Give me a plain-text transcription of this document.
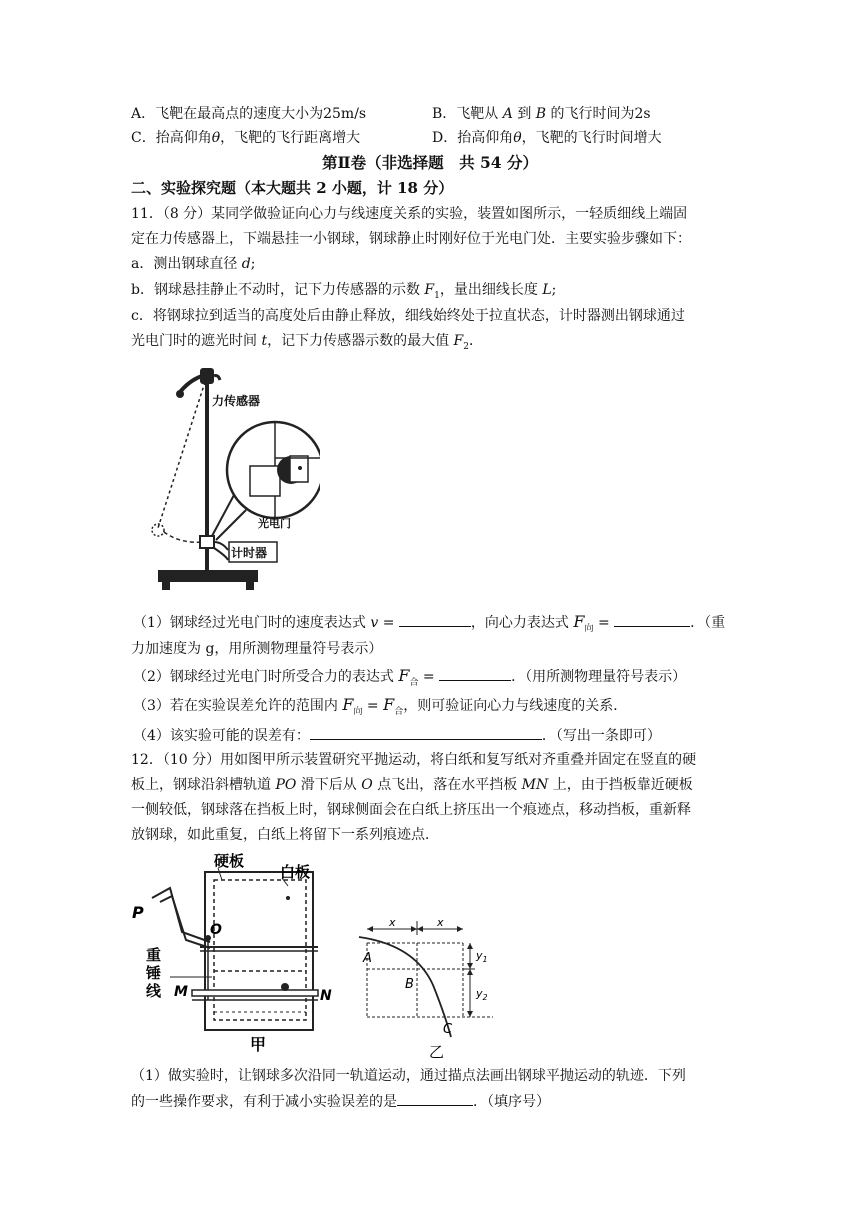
A．飞靶在最高点的速度大小为25m/s	B．飞靶从 A 到 B 的飞行时间为2s
C．抬高仰角θ，飞靶的飞行距离增大	D．抬高仰角θ，飞靶的飞行时间增大
第Ⅱ卷（非选择题　共 54 分）
二、实验探究题（本大题共 2 小题，计 18 分）
11．（8 分）某同学做验证向心力与线速度关系的实验，装置如图所示，一轻质细线上端固
定在力传感器上，下端悬挂一小钢球，钢球静止时刚好位于光电门处．主要实验步骤如下：
a．测出钢球直径 d;
b．钢球悬挂静止不动时，记下力传感器的示数 $F_1$，量出细线长度 L;
c．将钢球拉到适当的高度处后由静止释放，细线始终处于拉直状态，计时器测出钢球通过
光电门时的遮光时间 t，记下力传感器示数的最大值 $F_2$．
力传感器
光电门
计时器
（1）钢球经过光电门时的速度表达式 v =	，向心力表达式 $F_向$ =	．（重
力加速度为 g，用所测物理量符号表示）
（2）钢球经过光电门时所受合力的表达式 $F_合$ =	．（用所测物理量符号表示）
（3）若在实验误差允许的范围内 $F_向 = F_合$，则可验证向心力与线速度的关系．
（4）该实验可能的误差有：	．（写出一条即可）
12．（10 分）用如图甲所示装置研究平抛运动，将白纸和复写纸对齐重叠并固定在竖直的硬
板上，钢球沿斜槽轨道 PO 滑下后从 O 点飞出，落在水平挡板 MN 上，由于挡板靠近硬板
一侧较低，钢球落在挡板上时，钢球侧面会在白纸上挤压出一个痕迹点，移动挡板，重新释
放钢球，如此重复，白纸上将留下一系列痕迹点．
硬板
白板
P
O
重
锤
线 M	N
甲
A
B
C
x	x
$y_1$
$y_2$
乙
（1）做实验时，让钢球多次沿同一轨道运动，通过描点法画出钢球平抛运动的轨迹．下列
的一些操作要求，有利于减小实验误差的是	．（填序号）
